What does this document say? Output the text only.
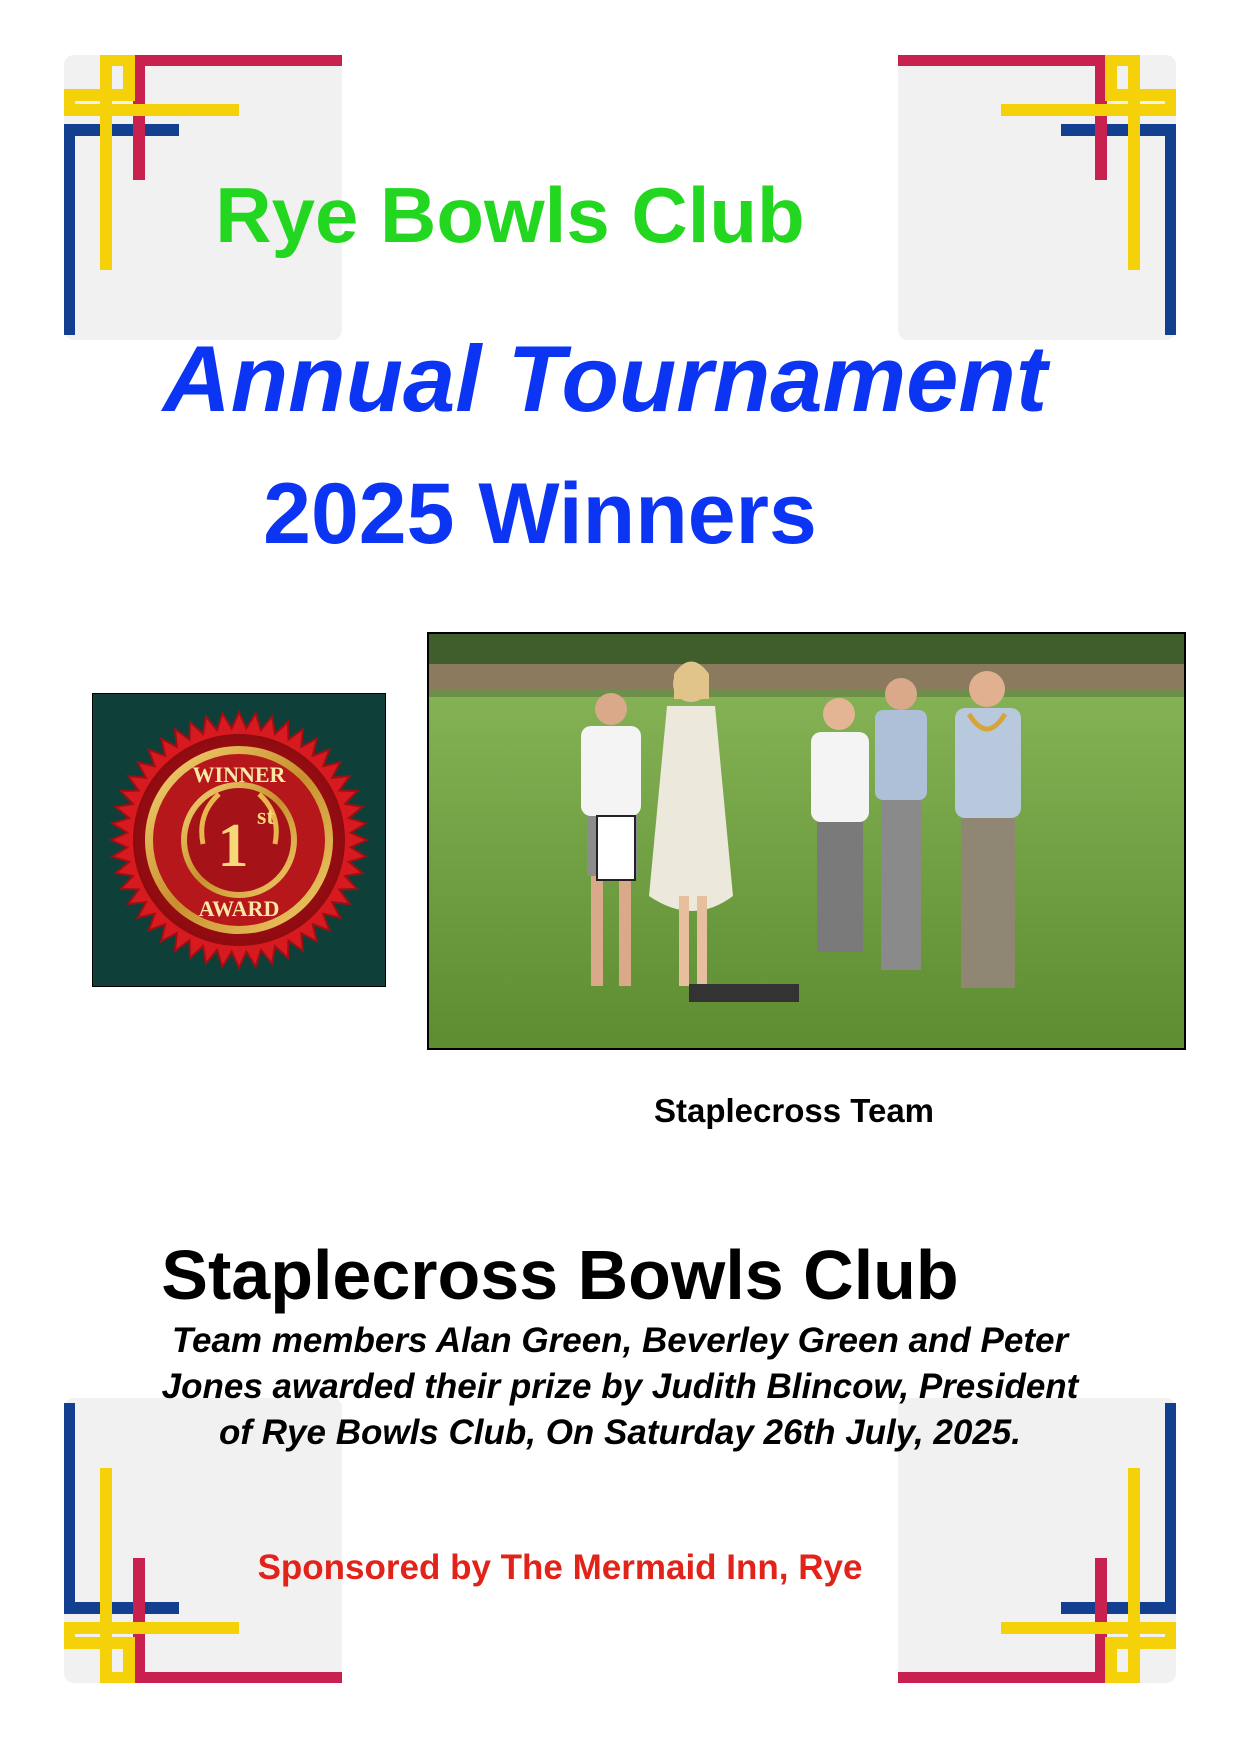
Rye Bowls Club
Annual Tournament
2025 Winners
WINNER
1 st
AWARD
Staplecross Team
Staplecross Bowls Club

Team members Alan Green, Beverley Green and Peter Jones awarded their prize by Judith Blincow, President of Rye Bowls Club, On Saturday 26th July, 2025.

Sponsored by The Mermaid Inn, Rye
